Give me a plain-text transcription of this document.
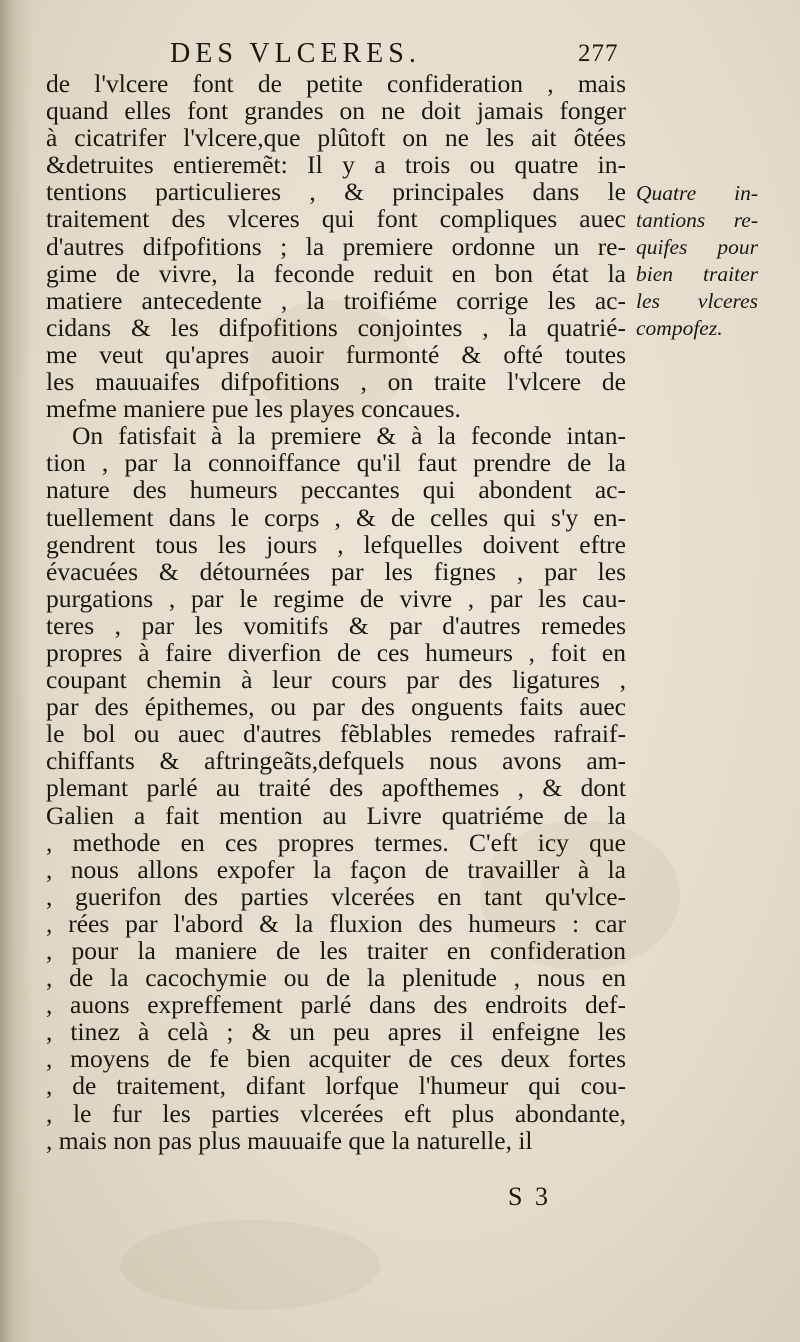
DES VLCERES.	277
de l'vlcere font de petite confideration , mais
quand elles font grandes on ne doit jamais fonger
à cicatrifer l'vlcere,que plûtoft on ne les ait ôtées
&detruites entieremẽt: Il y a trois ou quatre in-
tentions particulieres , & principales dans le
traitement des vlceres qui font compliques auec
d'autres difpofitions ; la premiere ordonne un re-
gime de vivre, la feconde reduit en bon état la
matiere antecedente , la troifiéme corrige les ac-
cidans & les difpofitions conjointes , la quatrié-
me veut qu'apres auoir furmonté & ofté toutes
les mauuaifes difpofitions , on traite l'vlcere de
mefme maniere pue les playes concaues.
On fatisfait à la premiere & à la feconde intan-
tion , par la connoiffance qu'il faut prendre de la
nature des humeurs peccantes qui abondent ac-
tuellement dans le corps , & de celles qui s'y en-
gendrent tous les jours , lefquelles doivent eftre
évacuées & détournées par les fignes , par les
purgations , par le regime de vivre , par les cau-
teres , par les vomitifs & par d'autres remedes
propres à faire diverfion de ces humeurs , foit en
coupant chemin à leur cours par des ligatures ,
par des épithemes, ou par des onguents faits auec
le bol ou auec d'autres fẽblables remedes rafraif-
chiffants & aftringeãts,defquels nous avons am-
plemant parlé au traité des apofthemes , & dont
Galien a fait mention au Livre quatriéme de la
, methode en ces propres termes. C'eft icy que
, nous allons expofer la façon de travailler à la
, guerifon des parties vlcerées en tant qu'vlce-
, rées par l'abord & la fluxion des humeurs : car
, pour la maniere de les traiter en confideration
, de la cacochymie ou de la plenitude , nous en
, auons expreffement parlé dans des endroits def-
, tinez à celà ; & un peu apres il enfeigne les
, moyens de fe bien acquiter de ces deux fortes
, de traitement, difant lorfque l'humeur qui cou-
, le fur les parties vlcerées eft plus abondante,
, mais non pas plus mauuaife que la naturelle, il
Quatre in-
tantions re-
quifes pour
bien traiter
les vlceres
compofez.
S 3
